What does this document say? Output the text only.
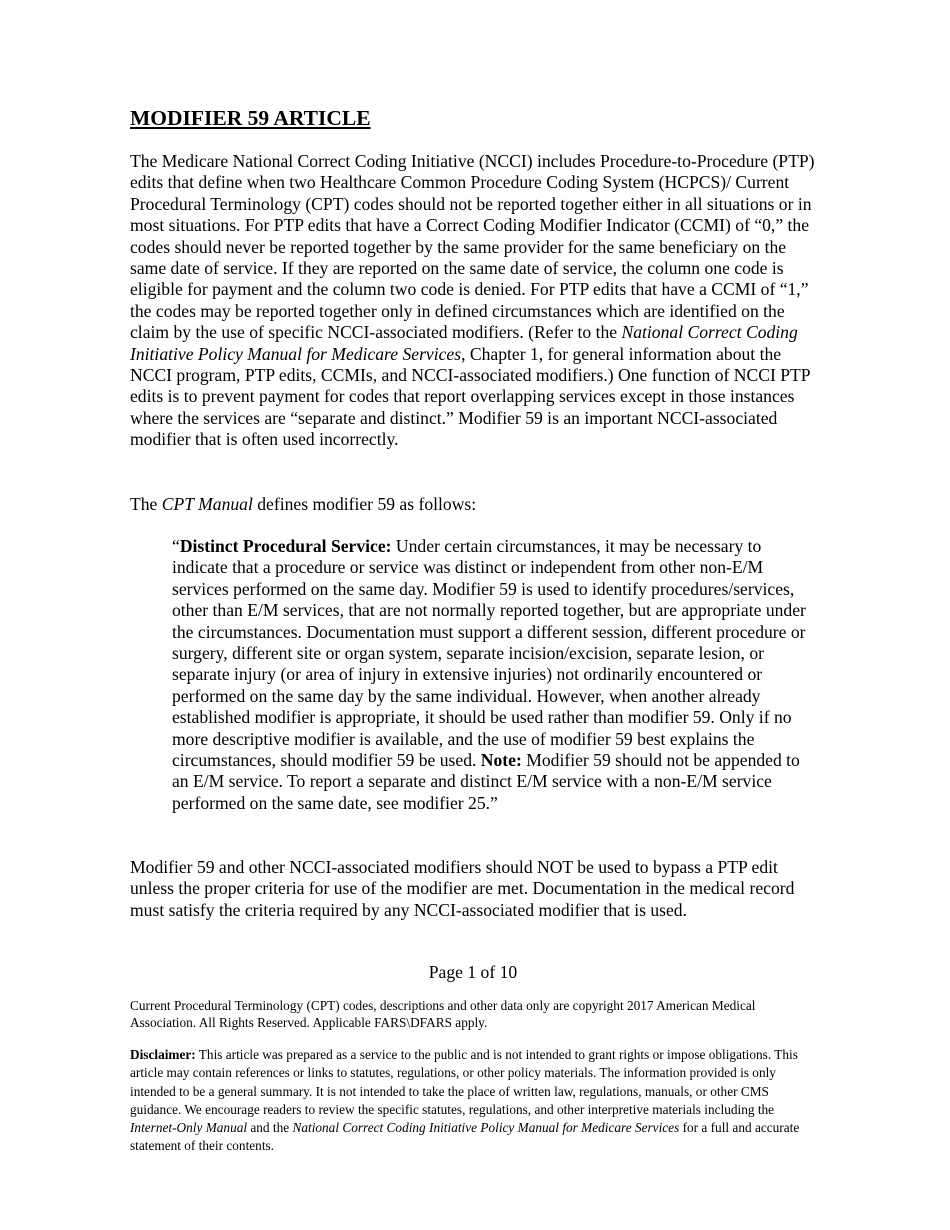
MODIFIER 59 ARTICLE

The Medicare National Correct Coding Initiative (NCCI) includes Procedure-to-Procedure (PTP) edits that define when two Healthcare Common Procedure Coding System (HCPCS)/ Current Procedural Terminology (CPT) codes should not be reported together either in all situations or in most situations. For PTP edits that have a Correct Coding Modifier Indicator (CCMI) of “0,” the codes should never be reported together by the same provider for the same beneficiary on the same date of service. If they are reported on the same date of service, the column one code is eligible for payment and the column two code is denied. For PTP edits that have a CCMI of “1,” the codes may be reported together only in defined circumstances which are identified on the claim by the use of specific NCCI-associated modifiers. (Refer to the National Correct Coding Initiative Policy Manual for Medicare Services, Chapter 1, for general information about the NCCI program, PTP edits, CCMIs, and NCCI-associated modifiers.) One function of NCCI PTP edits is to prevent payment for codes that report overlapping services except in those instances where the services are “separate and distinct.” Modifier 59 is an important NCCI-associated modifier that is often used incorrectly.

The CPT Manual defines modifier 59 as follows:

“Distinct Procedural Service: Under certain circumstances, it may be necessary to indicate that a procedure or service was distinct or independent from other non-E/M services performed on the same day. Modifier 59 is used to identify procedures/services, other than E/M services, that are not normally reported together, but are appropriate under the circumstances. Documentation must support a different session, different procedure or surgery, different site or organ system, separate incision/excision, separate lesion, or separate injury (or area of injury in extensive injuries) not ordinarily encountered or performed on the same day by the same individual. However, when another already established modifier is appropriate, it should be used rather than modifier 59. Only if no more descriptive modifier is available, and the use of modifier 59 best explains the circumstances, should modifier 59 be used. Note: Modifier 59 should not be appended to an E/M service. To report a separate and distinct E/M service with a non-E/M service performed on the same date, see modifier 25.”

Modifier 59 and other NCCI-associated modifiers should NOT be used to bypass a PTP edit unless the proper criteria for use of the modifier are met. Documentation in the medical record must satisfy the criteria required by any NCCI-associated modifier that is used.

Page 1 of 10

Current Procedural Terminology (CPT) codes, descriptions and other data only are copyright 2017 American Medical Association. All Rights Reserved. Applicable FARS\DFARS apply.

Disclaimer: This article was prepared as a service to the public and is not intended to grant rights or impose obligations. This article may contain references or links to statutes, regulations, or other policy materials. The information provided is only intended to be a general summary. It is not intended to take the place of written law, regulations, manuals, or other CMS guidance. We encourage readers to review the specific statutes, regulations, and other interpretive materials including the Internet-Only Manual and the National Correct Coding Initiative Policy Manual for Medicare Services for a full and accurate statement of their contents.
